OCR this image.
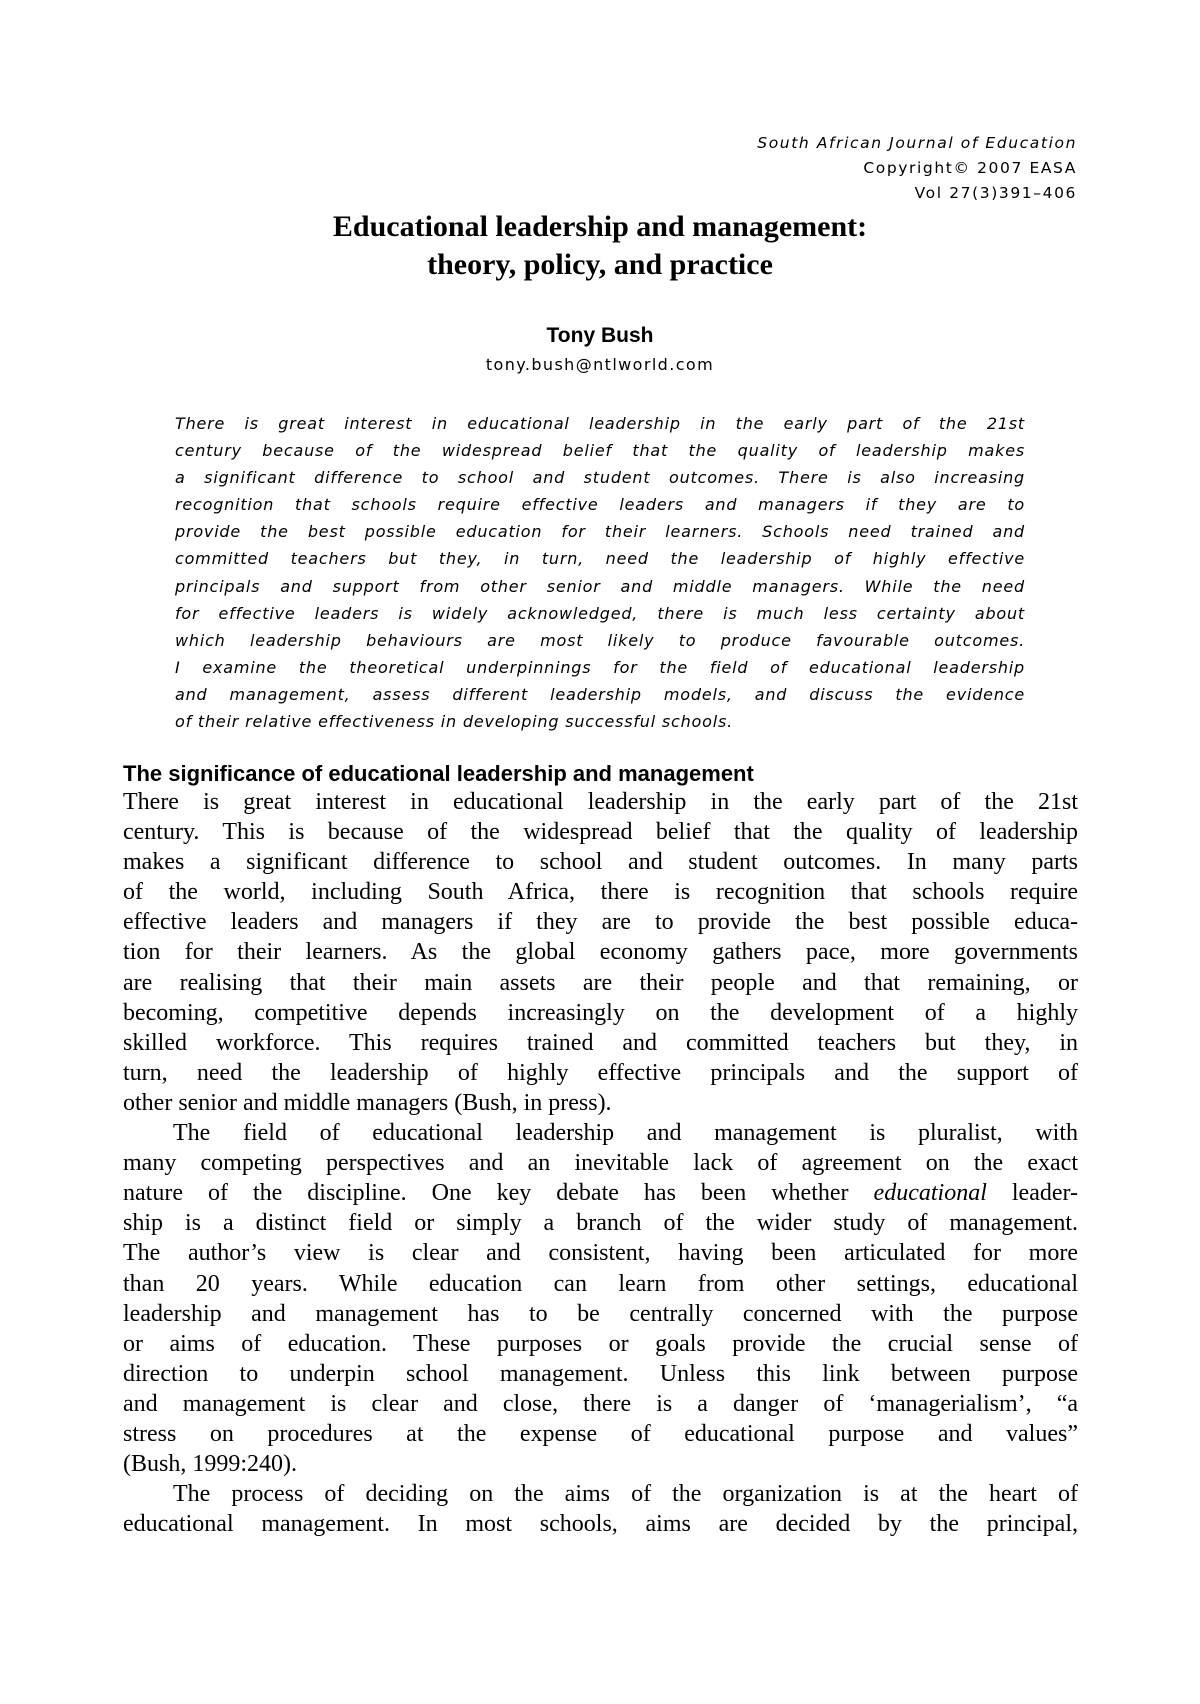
South African Journal of Education
Copyright© 2007 EASA
Vol 27(3)391–406
Educational leadership and management:
theory, policy, and practice
Tony Bush
tony.bush@ntlworld.com
There is great interest in educational leadership in the early part of the 21st
century because of the widespread belief that the quality of leadership makes
a significant difference to school and student outcomes. There is also increasing
recognition that schools require effective leaders and managers if they are to
provide the best possible education for their learners. Schools need trained and
committed teachers but they, in turn, need the leadership of highly effective
principals and support from other senior and middle managers. While the need
for effective leaders is widely acknowledged, there is much less certainty about
which leadership behaviours are most likely to produce favourable outcomes.
I examine the theoretical underpinnings for the field of educational leadership
and management, assess different leadership models, and discuss the evidence
of their relative effectiveness in developing successful schools.
The significance of educational leadership and management
There is great interest in educational leadership in the early part of the 21st
century. This is because of the widespread belief that the quality of leadership
makes a significant difference to school and student outcomes. In many parts
of the world, including South Africa, there is recognition that schools require
effective leaders and managers if they are to provide the best possible educa-
tion for their learners. As the global economy gathers pace, more governments
are realising that their main assets are their people and that remaining, or
becoming, competitive depends increasingly on the development of a highly
skilled workforce. This requires trained and committed teachers but they, in
turn, need the leadership of highly effective principals and the support of
other senior and middle managers (Bush, in press).
The field of educational leadership and management is pluralist, with
many competing perspectives and an inevitable lack of agreement on the exact
nature of the discipline. One key debate has been whether educational leader-
ship is a distinct field or simply a branch of the wider study of management.
The author’s view is clear and consistent, having been articulated for more
than 20 years. While education can learn from other settings, educational
leadership and management has to be centrally concerned with the purpose
or aims of education. These purposes or goals provide the crucial sense of
direction to underpin school management. Unless this link between purpose
and management is clear and close, there is a danger of ‘managerialism’, “a
stress on procedures at the expense of educational purpose and values”
(Bush, 1999:240).
The process of deciding on the aims of the organization is at the heart of
educational management. In most schools, aims are decided by the principal,
